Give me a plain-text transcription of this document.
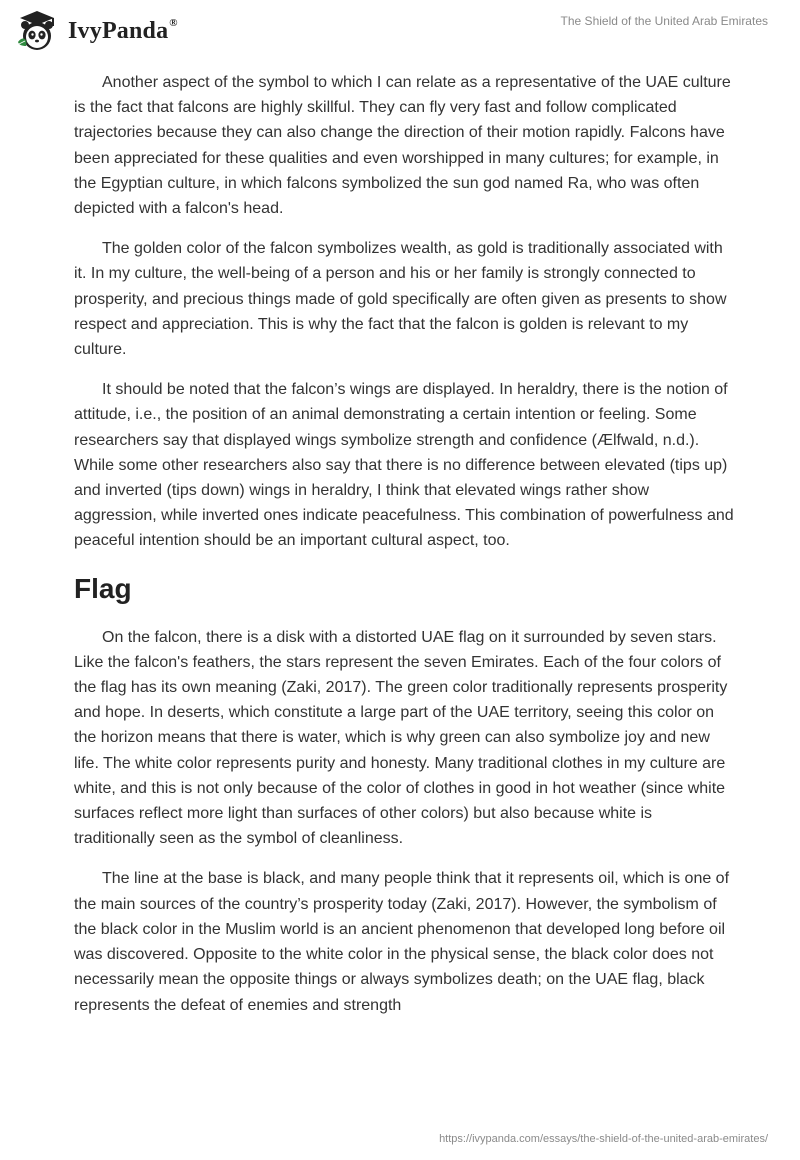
IvyPanda®	The Shield of the United Arab Emirates

Another aspect of the symbol to which I can relate as a representative of the UAE culture is the fact that falcons are highly skillful. They can fly very fast and follow complicated trajectories because they can also change the direction of their motion rapidly. Falcons have been appreciated for these qualities and even worshipped in many cultures; for example, in the Egyptian culture, in which falcons symbolized the sun god named Ra, who was often depicted with a falcon's head.

The golden color of the falcon symbolizes wealth, as gold is traditionally associated with it. In my culture, the well-being of a person and his or her family is strongly connected to prosperity, and precious things made of gold specifically are often given as presents to show respect and appreciation. This is why the fact that the falcon is golden is relevant to my culture.

It should be noted that the falcon’s wings are displayed. In heraldry, there is the notion of attitude, i.e., the position of an animal demonstrating a certain intention or feeling. Some researchers say that displayed wings symbolize strength and confidence (Ælfwald, n.d.). While some other researchers also say that there is no difference between elevated (tips up) and inverted (tips down) wings in heraldry, I think that elevated wings rather show aggression, while inverted ones indicate peacefulness. This combination of powerfulness and peaceful intention should be an important cultural aspect, too.

Flag

On the falcon, there is a disk with a distorted UAE flag on it surrounded by seven stars. Like the falcon's feathers, the stars represent the seven Emirates. Each of the four colors of the flag has its own meaning (Zaki, 2017). The green color traditionally represents prosperity and hope. In deserts, which constitute a large part of the UAE territory, seeing this color on the horizon means that there is water, which is why green can also symbolize joy and new life. The white color represents purity and honesty. Many traditional clothes in my culture are white, and this is not only because of the color of clothes in good in hot weather (since white surfaces reflect more light than surfaces of other colors) but also because white is traditionally seen as the symbol of cleanliness.

The line at the base is black, and many people think that it represents oil, which is one of the main sources of the country’s prosperity today (Zaki, 2017). However, the symbolism of the black color in the Muslim world is an ancient phenomenon that developed long before oil was discovered. Opposite to the white color in the physical sense, the black color does not necessarily mean the opposite things or always symbolizes death; on the UAE flag, black represents the defeat of enemies and strength

https://ivypanda.com/essays/the-shield-of-the-united-arab-emirates/
